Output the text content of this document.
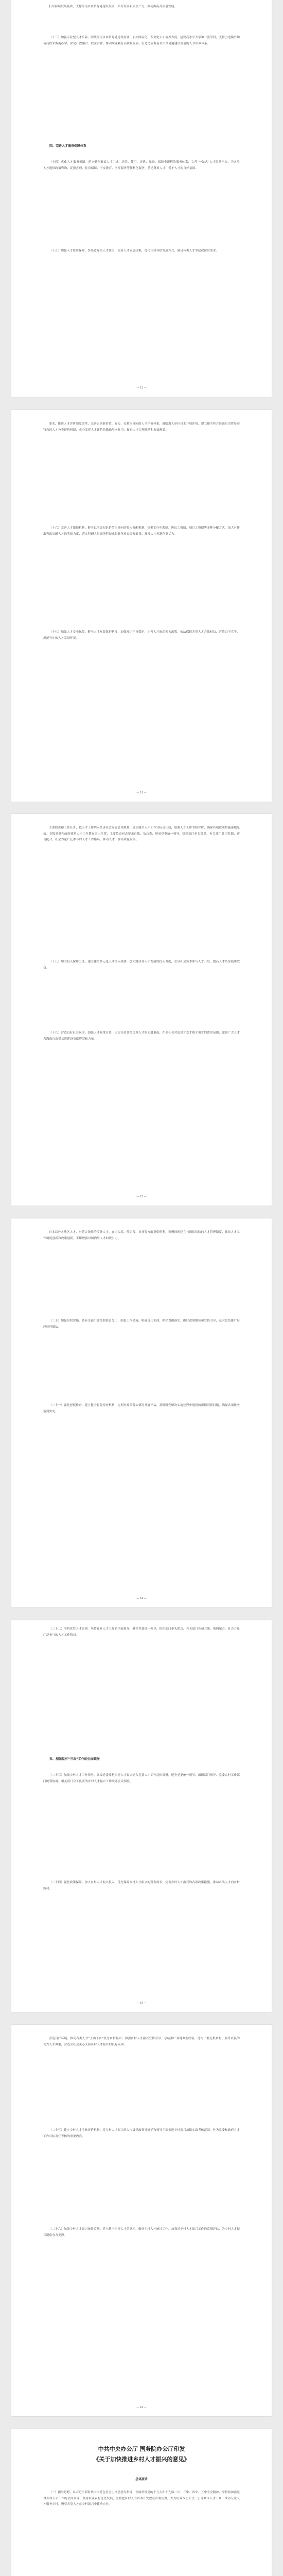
打牢持续发展基础，支撑海南自由贸易港建设发展，培育发展新质生产力，推动海南高质量发展。

（十三）加强专业型人才培养。围绕海南自由贸易港建设需要，加大国际化、专业化人才培养力度，建设高水平大学和一流学科，支持引进境外知名高校来海南办学，深化产教融合、校企合作，推动职业教育高质量发展，打造适应海南自由贸易港建设发展的人才培养体系。

四、完善人才服务保障体系

（十四）优化人才服务机制。建立健全覆盖人才引进、培养、使用、评价、激励、保障全流程的服务体系，完善“一站式”人才服务平台，为各类人才提供政策咨询、证照办理、住房保障、子女教育、医疗服务等便利化服务，营造尊重人才、爱护人才的良好氛围。

（十五）加强人才住房保障。多渠道筹集人才住房，完善人才安居政策，优化住房补贴发放方式，满足各类人才多层次住房需求。

— 11 —

要求，推进人才评价制度改革，完善以创新价值、能力、贡献为导向的人才评价体系，鼓励用人单位自主开展评价，建立健全符合海南自由贸易港特点的人才分类评价机制，充分发挥人才评价的激励导向作用，促进人才合理流动和有效配置。

（十六）完善人才激励机制。健全以增加知识价值为导向的收入分配机制，探索实行年薪制、协议工资制、项目工资制等多种分配方式，加大对作出突出贡献人才的奖励力度，落实科研人员职务科技成果转化收益分配政策，激发人才创新创业活力。

（十七）加强人才安全保障。健全人才权益保护制度，加强知识产权保护，完善人才流动相关政策，依法保障各类人才合法权益，营造公平竞争、规范有序的人才发展环境。

— 12 —

主要职责和工作任务，把人才工作纳入经济社会发展总体规划，建立健全人才工作目标责任制，加强人才工作考核评价，确保各项政策措施落地见效。各级党委和政府要把人才工作摆在突出位置，主要负责同志要亲自抓、负总责，形成党委统一领导、组织部门牵头抓总、有关部门各司其职、密切配合，社会力量广泛参与的人才工作格局，推动人才工作高质量发展。

（十八）加大投入保障力度。建立健全多元化人才投入机制，加大财政对人才发展的投入力度，引导社会资本参与人才开发，提高人才资金使用效益。

（十九）营造良好社会氛围。加强人才政策宣传，大力宣传各类优秀人才的先进事迹，在全社会营造识才爱才敬才用才的浓厚氛围，激励广大人才为海南自由贸易港建设贡献智慧和力量。

— 13 —

日本以外各地区人才，对符合条件的境外人才，在出入境、停居留、执业等方面提供便利，积极探索建立与国际接轨的人才管理制度，推动人才工作制度创新和政策创新，不断增强对国内外人才的吸引力。

（二十）加强组织实施。各有关部门要按照职责分工，细化工作措施，明确责任主体，抓好贯彻落实，做好政策解读和宣传引导，及时总结推广好经验好做法。

（二十一）强化督促检查。建立健全督促检查机制，定期对政策落实情况开展评估，及时研究解决实施过程中遇到的新情况新问题，确保各项任务落到实处。

— 14 —

（二十二）坚持党管人才原则。坚持党对人才工作的全面领导，健全党委统一领导，组织部门牵头抓总，有关部门各司其职、密切配合，社会力量广泛参与的人才工作格局。

五、加强党对“三农”工作的全面领导

（二十三）加强乡村人才工作领导。各级党委要把乡村人才振兴纳入党委人才工作总体部署，健全党委统一领导、组织部门指导、党委农村工作部门统筹协调、相关部门分工负责的乡村人才振兴工作联席会议制度。

（二十四）强化政策保障。加大乡村人才振兴投入，优先保障乡村人才振兴的资金需求，完善乡村人才振兴的各项政策措施，推动各类人才向乡村流动。

— 15 —

营造良好环境，推动各类人才“上山下乡”投身乡村振兴。加强乡村人才振兴宣传引导，总结推广各地典型经验，选树一批扎根乡村、服务农民的优秀人才典型，营造全社会关心支持乡村人才振兴的良好氛围。

（二十五）建立乡村人才考核评价机制。将乡村人才振兴纳入市县党政领导班子和领导干部推进乡村振兴战略实绩考核范围，作为党委和政府人才工作目标责任考核的重要内容。

（二十六）加强乡村人才振兴统计监测。建立健全乡村人才信息库，做好乡村人才统计工作，加强对乡村人才振兴工作的监测评估，为乡村人才振兴提供有力支撑。

— 16 —

中共中央办公厅 国务院办公厅印发

《关于加快推进乡村人才振兴的意见》

总体要求

（一）指导思想。以习近平新时代中国特色社会主义思想为指导，全面贯彻党的十九大和十九届二中、三中、四中、五中全会精神，坚持和加强党对乡村人才工作的全面领导，坚持农业农村优先发展，坚持把乡村人力资本开发放在首要位置，大力培养本土人才，引导城市人才下乡，推动专业人才服务乡村，吸引各类人才在乡村振兴中建功立业。
